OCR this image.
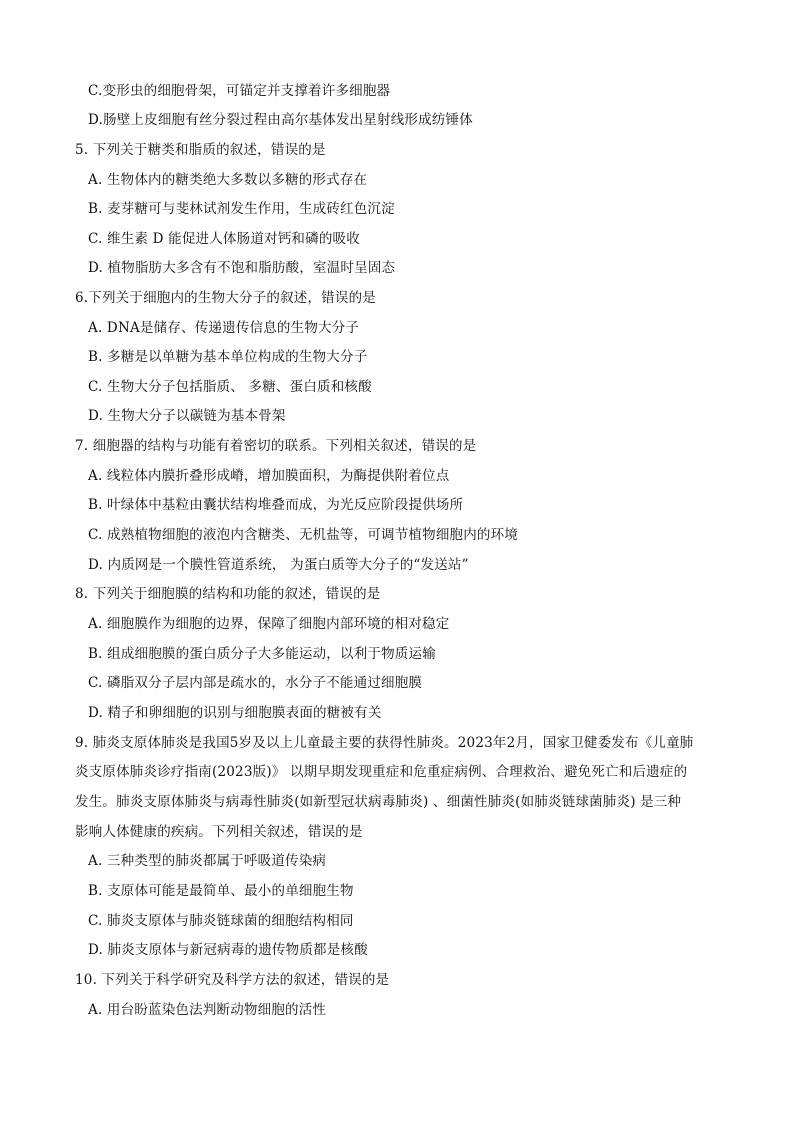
C.变形虫的细胞骨架，可锚定并支撑着许多细胞器
D.肠壁上皮细胞有丝分裂过程由高尔基体发出星射线形成纺锤体
5. 下列关于糖类和脂质的叙述，错误的是
A. 生物体内的糖类绝大多数以多糖的形式存在
B. 麦芽糖可与斐林试剂发生作用，生成砖红色沉淀
C. 维生素 D 能促进人体肠道对钙和磷的吸收
D. 植物脂肪大多含有不饱和脂肪酸，室温时呈固态
6.下列关于细胞内的生物大分子的叙述，错误的是
A. DNA是储存、传递遗传信息的生物大分子
B. 多糖是以单糖为基本单位构成的生物大分子
C. 生物大分子包括脂质、 多糖、蛋白质和核酸
D. 生物大分子以碳链为基本骨架
7. 细胞器的结构与功能有着密切的联系。下列相关叙述，错误的是
A. 线粒体内膜折叠形成嵴，增加膜面积，为酶提供附着位点
B. 叶绿体中基粒由囊状结构堆叠而成，为光反应阶段提供场所
C. 成熟植物细胞的液泡内含糖类、无机盐等，可调节植物细胞内的环境
D. 内质网是一个膜性管道系统， 为蛋白质等大分子的“发送站”
8. 下列关于细胞膜的结构和功能的叙述，错误的是
A. 细胞膜作为细胞的边界，保障了细胞内部环境的相对稳定
B. 组成细胞膜的蛋白质分子大多能运动，以利于物质运输
C. 磷脂双分子层内部是疏水的，水分子不能通过细胞膜
D. 精子和卵细胞的识别与细胞膜表面的糖被有关
9. 肺炎支原体肺炎是我国5岁及以上儿童最主要的获得性肺炎。2023年2月，国家卫健委发布《儿童肺
炎支原体肺炎诊疗指南(2023版)》 以期早期发现重症和危重症病例、合理救治、避免死亡和后遗症的
发生。肺炎支原体肺炎与病毒性肺炎(如新型冠状病毒肺炎) 、细菌性肺炎(如肺炎链球菌肺炎) 是三种
影响人体健康的疾病。下列相关叙述，错误的是
A. 三种类型的肺炎都属于呼吸道传染病
B. 支原体可能是最简单、最小的单细胞生物
C. 肺炎支原体与肺炎链球菌的细胞结构相同
D. 肺炎支原体与新冠病毒的遗传物质都是核酸
10. 下列关于科学研究及科学方法的叙述，错误的是
A. 用台盼蓝染色法判断动物细胞的活性
